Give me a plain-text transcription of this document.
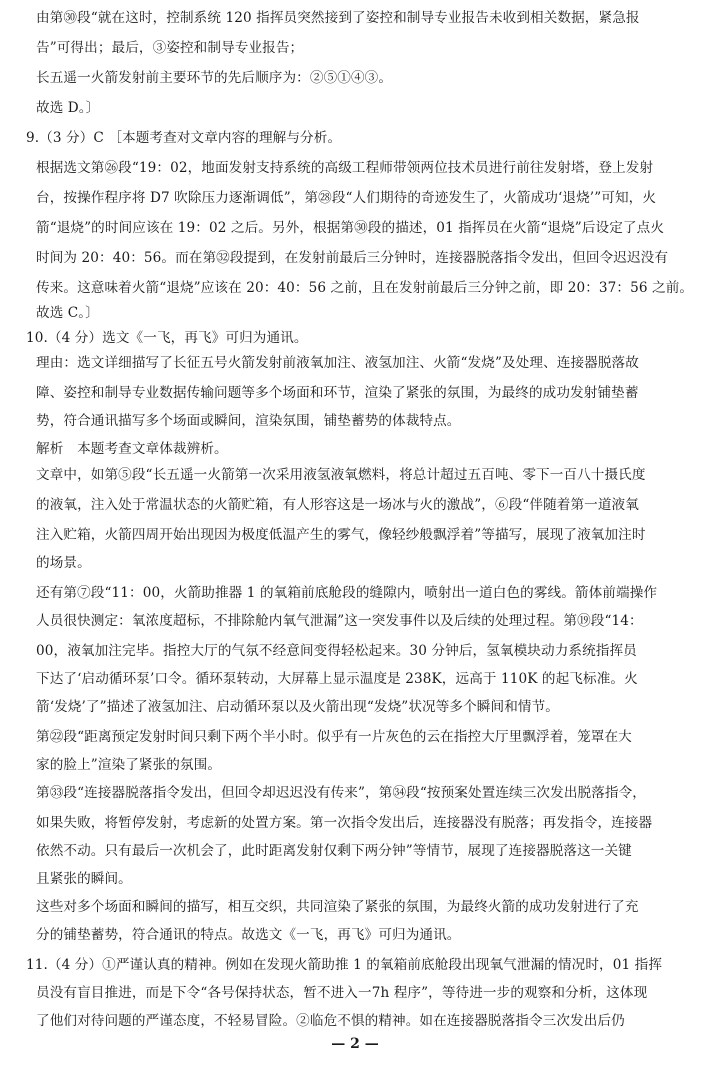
由第㉚段“就在这时，控制系统 120 指挥员突然接到了姿控和制导专业报告未收到相关数据，紧急报
告”可得出；最后，③姿控和制导专业报告；
长五遥一火箭发射前主要环节的先后顺序为：②⑤①④③。
故选 D。〕
9.（3 分）C ［本题考查对文章内容的理解与分析。
根据选文第㉖段“19：02，地面发射支持系统的高级工程师带领两位技术员进行前往发射塔，登上发射
台，按操作程序将 D7 吹除压力逐渐调低”，第㉘段“人们期待的奇迹发生了，火箭成功‘退烧’”可知，火
箭“退烧”的时间应该在 19：02 之后。另外，根据第㉚段的描述，01 指挥员在火箭“退烧”后设定了点火
时间为 20：40：56。而在第㉜段提到，在发射前最后三分钟时，连接器脱落指令发出，但回令迟迟没有
传来。这意味着火箭“退烧”应该在 20：40：56 之前，且在发射前最后三分钟之前，即 20：37：56 之前。
故选 C。〕
10.（4 分）选文《一飞，再飞》可归为通讯。
理由：选文详细描写了长征五号火箭发射前液氧加注、液氢加注、火箭“发烧”及处理、连接器脱落故
障、姿控和制导专业数据传输问题等多个场面和环节，渲染了紧张的氛围，为最终的成功发射铺垫蓄
势，符合通讯描写多个场面或瞬间，渲染氛围，铺垫蓄势的体裁特点。
解析　本题考查文章体裁辨析。
文章中，如第⑤段“长五遥一火箭第一次采用液氢液氧燃料，将总计超过五百吨、零下一百八十摄氏度
的液氧，注入处于常温状态的火箭贮箱，有人形容这是一场冰与火的激战”，⑥段“伴随着第一道液氧
注入贮箱，火箭四周开始出现因为极度低温产生的雾气，像轻纱般飘浮着”等描写，展现了液氧加注时
的场景。
还有第⑦段“11：00，火箭助推器 1 的氧箱前底舱段的缝隙内，喷射出一道白色的雾线。箭体前端操作
人员很快测定：氧浓度超标，不排除舱内氧气泄漏”这一突发事件以及后续的处理过程。第⑲段“14：
00，液氧加注完毕。指控大厅的气氛不经意间变得轻松起来。30 分钟后，氢氧模块动力系统指挥员
下达了‘启动循环泵’口令。循环泵转动，大屏幕上显示温度是 238K，远高于 110K 的起飞标准。火
箭‘发烧’了”描述了液氢加注、启动循环泵以及火箭出现“发烧”状况等多个瞬间和情节。
第㉒段“距离预定发射时间只剩下两个半小时。似乎有一片灰色的云在指控大厅里飘浮着，笼罩在大
家的脸上”渲染了紧张的氛围。
第㉝段“连接器脱落指令发出，但回令却迟迟没有传来”，第㉞段“按预案处置连续三次发出脱落指令，
如果失败，将暂停发射，考虑新的处置方案。第一次指令发出后，连接器没有脱落；再发指令，连接器
依然不动。只有最后一次机会了，此时距离发射仅剩下两分钟”等情节，展现了连接器脱落这一关键
且紧张的瞬间。
这些对多个场面和瞬间的描写，相互交织，共同渲染了紧张的氛围，为最终火箭的成功发射进行了充
分的铺垫蓄势，符合通讯的特点。故选文《一飞，再飞》可归为通讯。
11.（4 分）①严谨认真的精神。例如在发现火箭助推 1 的氧箱前底舱段出现氧气泄漏的情况时，01 指挥
员没有盲目推进，而是下令“各号保持状态，暂不进入一7h 程序”，等待进一步的观察和分析，这体现
了他们对待问题的严谨态度，不轻易冒险。②临危不惧的精神。如在连接器脱落指令三次发出后仍
— 2 —
